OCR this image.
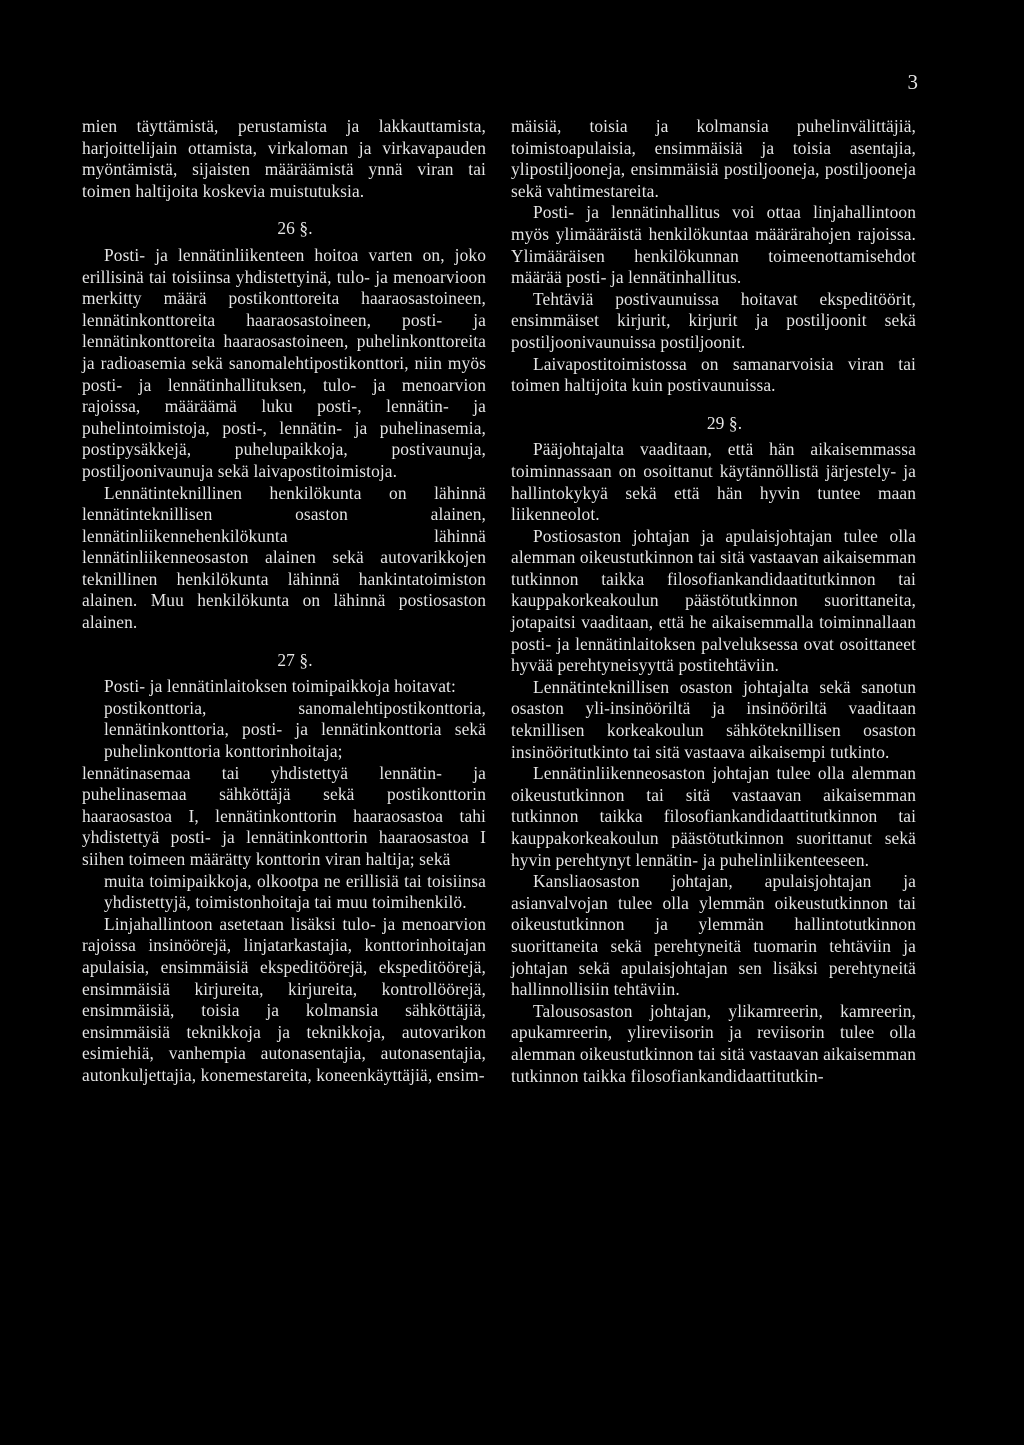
3

mien täyttämistä, perustamista ja lakkauttamista, harjoittelijain ottamista, virkaloman ja virkavapauden myöntämistä, sijaisten määräämistä ynnä viran tai toimen haltijoita koskevia muistutuksia.

26 §.

Posti- ja lennätinliikenteen hoitoa varten on, joko erillisinä tai toisiinsa yhdistettyinä, tulo- ja menoarvioon merkitty määrä postikonttoreita haaraosastoineen, lennätinkonttoreita haaraosastoineen, posti- ja lennätinkonttoreita haaraosastoineen, puhelinkonttoreita ja radioasemia sekä sanomalehtipostikonttori, niin myös posti- ja lennätinhallituksen, tulo- ja menoarvion rajoissa, määräämä luku posti-, lennätin- ja puhelintoimistoja, posti-, lennätin- ja puhelinasemia, postipysäkkejä, puhelupaikkoja, postivaunuja, postiljoonivaunuja sekä laivapostitoimistoja.

Lennätinteknillinen henkilökunta on lähinnä lennätinteknillisen osaston alainen, lennätinliikennehenkilökunta lähinnä lennätinliikenneosaston alainen sekä autovarikkojen teknillinen henkilökunta lähinnä hankintatoimiston alainen. Muu henkilökunta on lähinnä postiosaston alainen.

27 §.

Posti- ja lennätinlaitoksen toimipaikkoja hoitavat:

postikonttoria, sanomalehtipostikonttoria, lennätinkonttoria, posti- ja lennätinkonttoria sekä puhelinkonttoria konttorinhoitaja;

lennätinasemaa tai yhdistettyä lennätin- ja puhelinasemaa sähköttäjä sekä postikonttorin haaraosastoa I, lennätinkonttorin haaraosastoa tahi yhdistettyä posti- ja lennätinkonttorin haaraosastoa I siihen toimeen määrätty konttorin viran haltija; sekä

muita toimipaikkoja, olkootpa ne erillisiä tai toisiinsa yhdistettyjä, toimistonhoitaja tai muu toimihenkilö.

Linjahallintoon asetetaan lisäksi tulo- ja menoarvion rajoissa insinöörejä, linjatarkastajia, konttorinhoitajan apulaisia, ensimmäisiä ekspeditöörejä, ekspeditöörejä, ensimmäisiä kirjureita, kirjureita, kontrollöörejä, ensimmäisiä, toisia ja kolmansia sähköttäjiä, ensimmäisiä teknikkoja ja teknikkoja, autovarikon esimiehiä, vanhempia autonasentajia, autonasentajia, autonkuljettajia, konemestareita, koneenkäyttäjiä, ensim-

mäisiä, toisia ja kolmansia puhelinvälittäjiä, toimistoapulaisia, ensimmäisiä ja toisia asentajia, ylipostiljooneja, ensimmäisiä postiljooneja, postiljooneja sekä vahtimestareita.

Posti- ja lennätinhallitus voi ottaa linjahallintoon myös ylimääräistä henkilökuntaa määrärahojen rajoissa. Ylimääräisen henkilökunnan toimeenottamisehdot määrää posti- ja lennätinhallitus.

Tehtäviä postivaunuissa hoitavat ekspeditöörit, ensimmäiset kirjurit, kirjurit ja postiljoonit sekä postiljoonivaunuissa postiljoonit.

Laivapostitoimistossa on samanarvoisia viran tai toimen haltijoita kuin postivaunuissa.

29 §.

Pääjohtajalta vaaditaan, että hän aikaisemmassa toiminnassaan on osoittanut käytännöllistä järjestely- ja hallintokykyä sekä että hän hyvin tuntee maan liikenneolot.

Postiosaston johtajan ja apulaisjohtajan tulee olla alemman oikeustutkinnon tai sitä vastaavan aikaisemman tutkinnon taikka filosofiankandidaatitutkinnon tai kauppakorkeakoulun päästötutkinnon suorittaneita, jotapaitsi vaaditaan, että he aikaisemmalla toiminnallaan posti- ja lennätinlaitoksen palveluksessa ovat osoittaneet hyvää perehtyneisyyttä postitehtäviin.

Lennätinteknillisen osaston johtajalta sekä sanotun osaston yli-insinööriltä ja insinööriltä vaaditaan teknillisen korkeakoulun sähköteknillisen osaston insinööritutkinto tai sitä vastaava aikaisempi tutkinto.

Lennätinliikenneosaston johtajan tulee olla alemman oikeustutkinnon tai sitä vastaavan aikaisemman tutkinnon taikka filosofiankandidaattitutkinnon tai kauppakorkeakoulun päästötutkinnon suorittanut sekä hyvin perehtynyt lennätin- ja puhelinliikenteeseen.

Kansliaosaston johtajan, apulaisjohtajan ja asianvalvojan tulee olla ylemmän oikeustutkinnon tai oikeustutkinnon ja ylemmän hallintotutkinnon suorittaneita sekä perehtyneitä tuomarin tehtäviin ja johtajan sekä apulaisjohtajan sen lisäksi perehtyneitä hallinnollisiin tehtäviin.

Talousosaston johtajan, ylikamreerin, kamreerin, apukamreerin, ylireviisorin ja reviisorin tulee olla alemman oikeustutkinnon tai sitä vastaavan aikaisemman tutkinnon taikka filosofiankandidaattitutkin-
